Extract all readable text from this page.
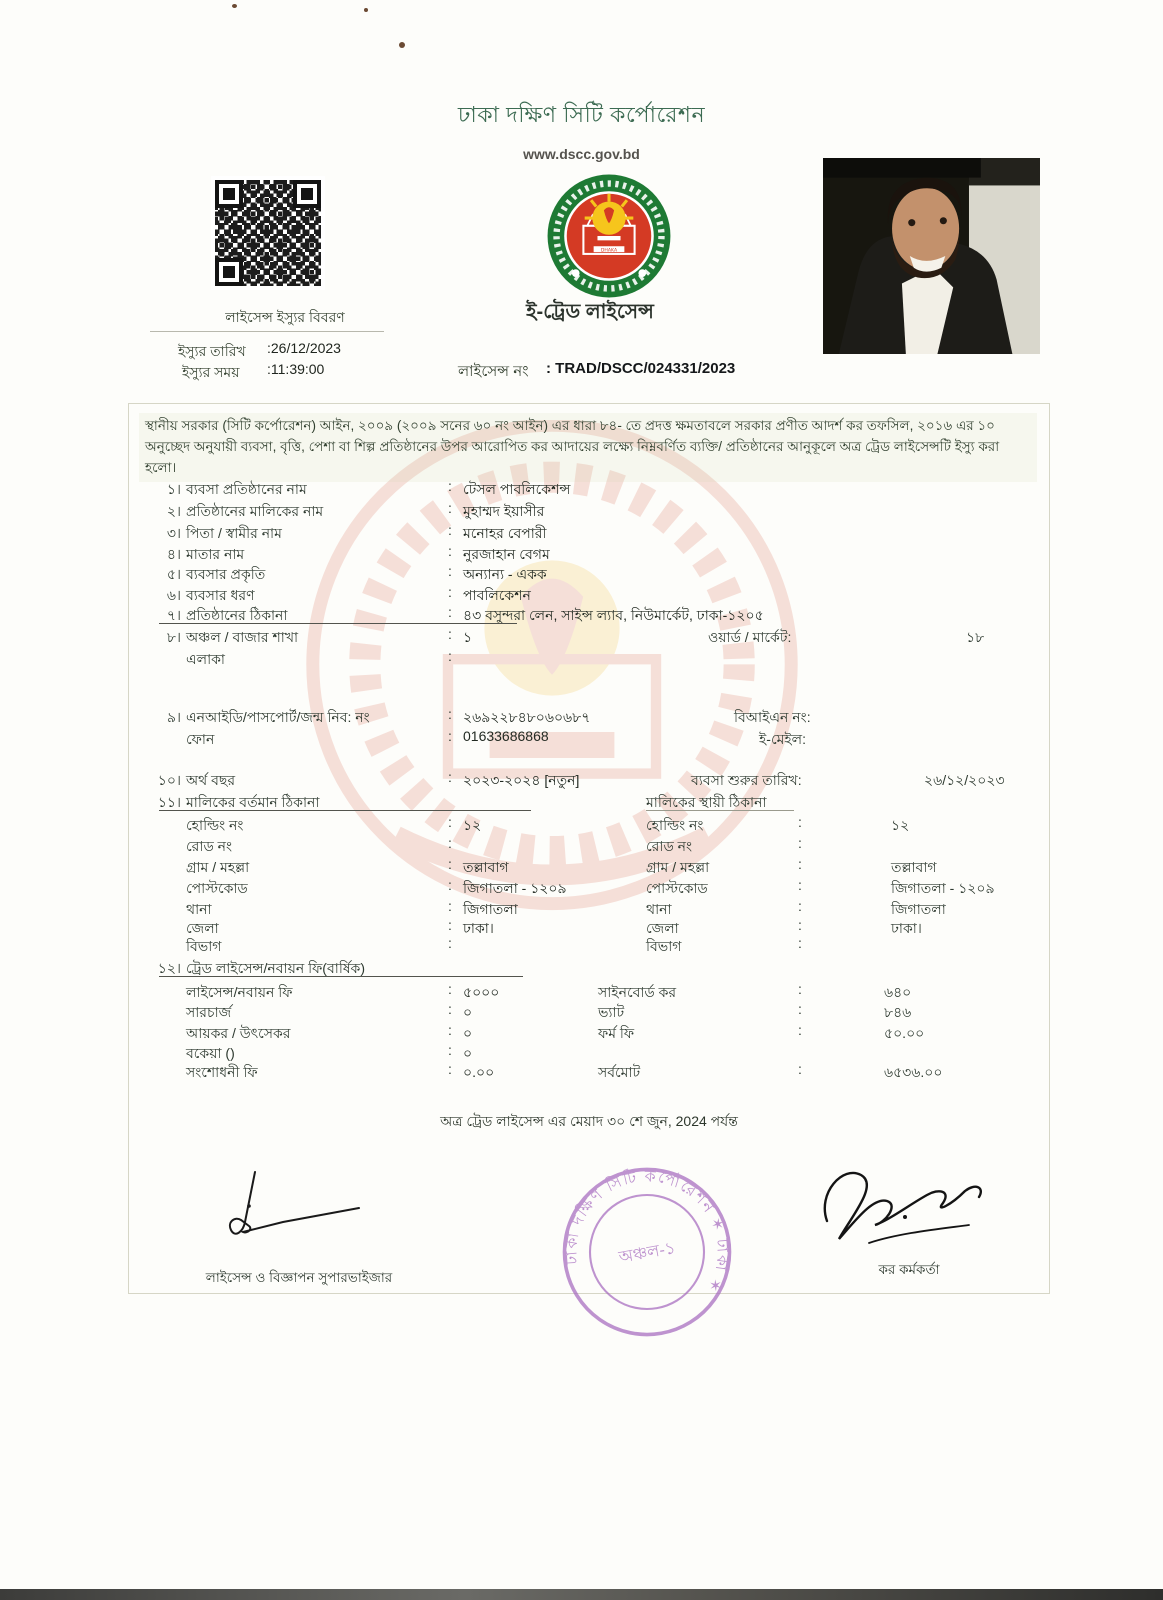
ঢাকা দক্ষিণ সিটি কর্পোরেশন
www.dscc.gov.bd
DHAKA
লাইসেন্স ইস্যুর বিবরণ
ইস্যুর তারিখ :26/12/2023
ইস্যুর সময় :11:39:00
ই-ট্রেড লাইসেন্স
লাইসেন্স নং : TRAD/DSCC/024331/2023
স্থানীয় সরকার (সিটি কর্পোরেশন) আইন, ২০০৯ (২০০৯ সনের ৬০ নং আইন) এর ধারা ৮৪- তে প্রদত্ত ক্ষমতাবলে সরকার প্রণীত আদর্শ কর তফসিল, ২০১৬ এর ১০ অনুচ্ছেদ অনুযায়ী ব্যবসা, বৃত্তি, পেশা বা শিল্প প্রতিষ্ঠানের উপর আরোপিত কর আদায়ের লক্ষ্যে নিম্নবর্ণিত ব্যক্তি/ প্রতিষ্ঠানের আনুকূলে অত্র ট্রেড লাইসেন্সটি ইস্যু করা হলো।
১। ব্যবসা প্রতিষ্ঠানের নাম	: টেসল পাবলিকেশন্স
২। প্রতিষ্ঠানের মালিকের নাম	: মুহাম্মদ ইয়াসীর
৩। পিতা / স্বামীর নাম	: মনোহর বেপারী
৪। মাতার নাম	: নুরজাহান বেগম
৫। ব্যবসার প্রকৃতি	: অন্যান্য - একক
৬। ব্যবসার ধরণ	: পাবলিকেশন
৭। প্রতিষ্ঠানের ঠিকানা	: ৪৩ বসুন্দরা লেন, সাইন্স ল্যাব, নিউমার্কেট, ঢাকা-১২০৫
৮। অঞ্চল / বাজার শাখা	: ১	ওয়ার্ড / মার্কেট:	১৮
এলাকা	:
৯। এনআইডি/পাসপোর্ট/জন্ম নিব: নং	: ২৬৯২২৮৪৮০৬০৬৮৭	বিআইএন নং:
ফোন	: 01633686868	ই-মেইল:
১০। অর্থ বছর	: ২০২৩-২০২৪ [নতুন]	ব্যবসা শুরুর তারিখ:	২৬/১২/২০২৩
১১। মালিকের বর্তমান ঠিকানা	মালিকের স্থায়ী ঠিকানা
হোল্ডিং নং	: ১২	হোল্ডিং নং	:	১২
রোড নং	:	রোড নং	:
গ্রাম / মহল্লা	: তল্লাবাগ	গ্রাম / মহল্লা	:	তল্লাবাগ
পোস্টকোড	: জিগাতলা - ১২০৯	পোস্টকোড	:	জিগাতলা - ১২০৯
থানা	: জিগাতলা	থানা	:	জিগাতলা
জেলা	: ঢাকা।	জেলা	:	ঢাকা।
বিভাগ	:	বিভাগ	:
১২। ট্রেড লাইসেন্স/নবায়ন ফি(বার্ষিক)
লাইসেন্স/নবায়ন ফি	: ৫০০০	সাইনবোর্ড কর	:	৬৪০
সারচার্জ	: ০	ভ্যাট	:	৮৪৬
আয়কর / উৎসেকর	: ০	ফর্ম ফি	:	৫০.০০
বকেয়া ()	: ০
সংশোধনী ফি	: ০.০০	সর্বমোট	:	৬৫৩৬.০০
অত্র ট্রেড লাইসেন্স এর মেয়াদ ৩০ শে জুন, 2024 পর্যন্ত
লাইসেন্স ও বিজ্ঞাপন সুপারভাইজার
ঢাকা দক্ষিণ সিটি কর্পোরেশন ✶ ঢাকা ✶
অঞ্চল-১
কর কর্মকর্তা
